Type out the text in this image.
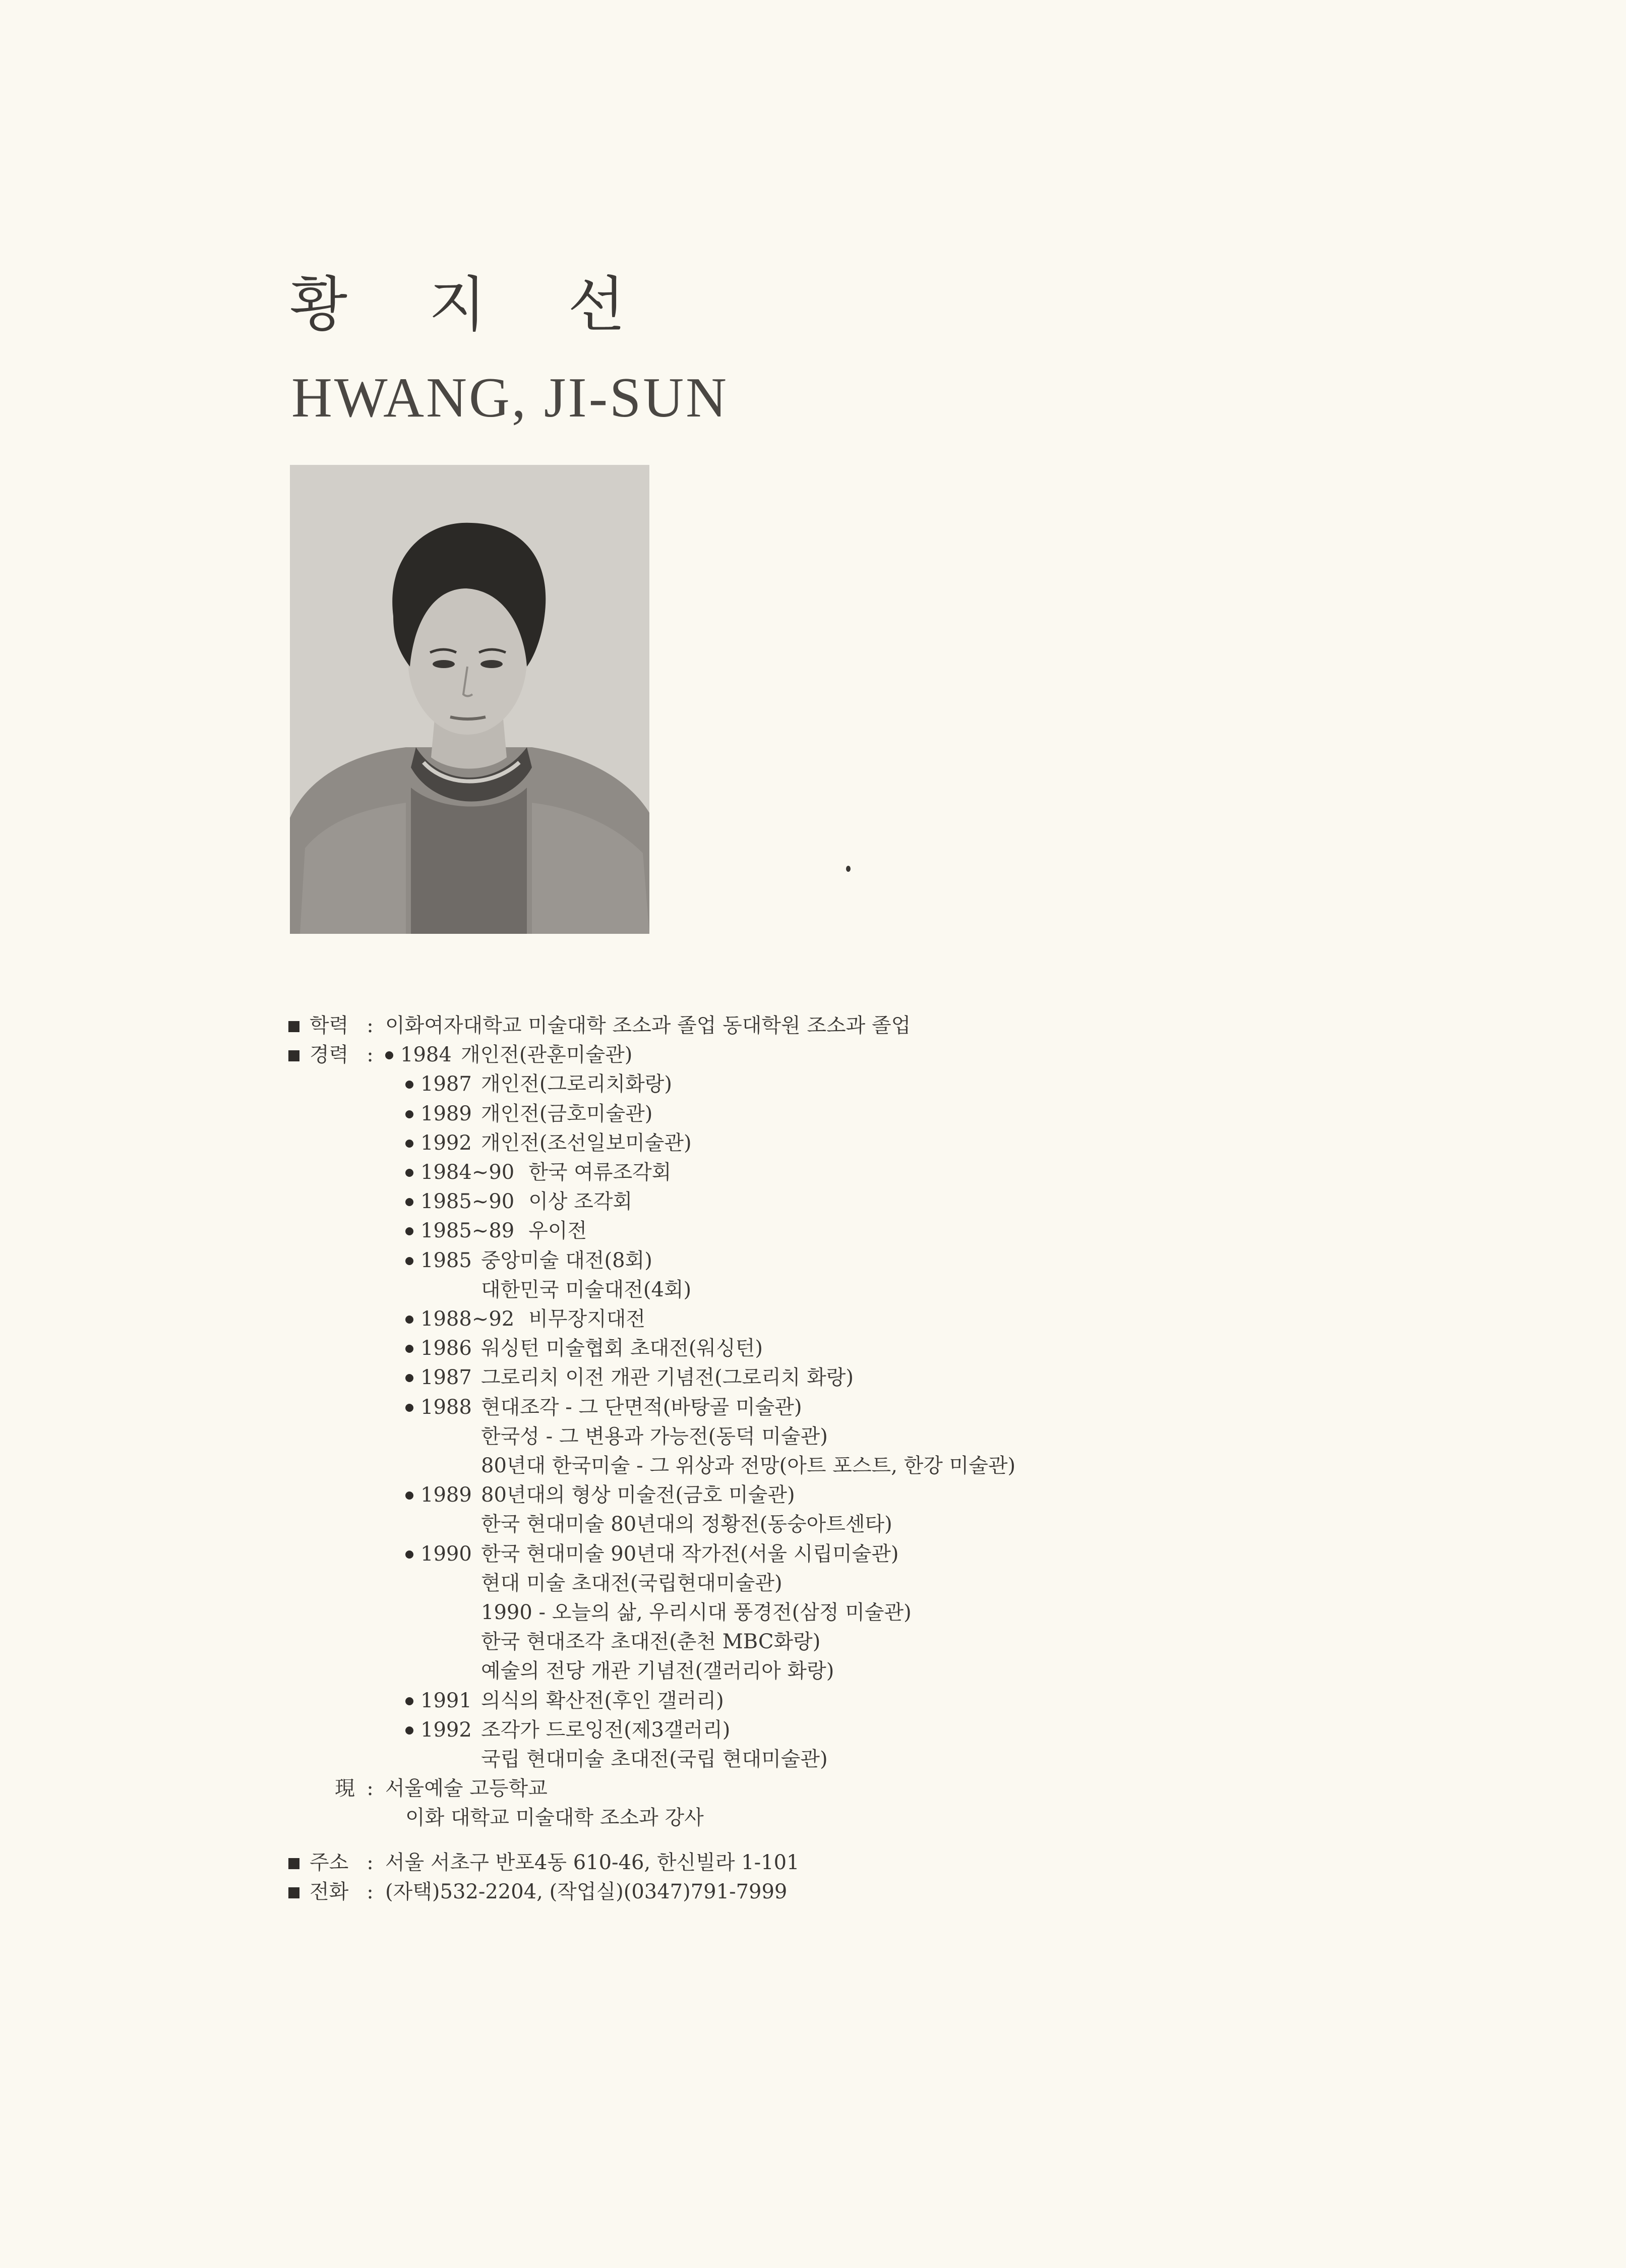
황 지 선
HWANG, JI-SUN
학력 : 이화여자대학교 미술대학 조소과 졸업 동대학원 조소과 졸업
경력 :	1984 개인전(관훈미술관)
1987 개인전(그로리치화랑)
1989 개인전(금호미술관)
1992 개인전(조선일보미술관)
1984~90 한국 여류조각회
1985~90 이상 조각회
1985~89 우이전
1985 중앙미술 대전(8회)
대한민국 미술대전(4회)
1988~92 비무장지대전
1986 워싱턴 미술협회 초대전(워싱턴)
1987 그로리치 이전 개관 기념전(그로리치 화랑)
1988 현대조각 - 그 단면적(바탕골 미술관)
한국성 - 그 변용과 가능전(동덕 미술관)
80년대 한국미술 - 그 위상과 전망(아트 포스트, 한강 미술관)
1989 80년대의 형상 미술전(금호 미술관)
한국 현대미술 80년대의 정황전(동숭아트센타)
1990 한국 현대미술 90년대 작가전(서울 시립미술관)
현대 미술 초대전(국립현대미술관)
1990 - 오늘의 삶, 우리시대 풍경전(삼정 미술관)
한국 현대조각 초대전(춘천 MBC화랑)
예술의 전당 개관 기념전(갤러리아 화랑)
1991 의식의 확산전(후인 갤러리)
1992 조각가 드로잉전(제3갤러리)
국립 현대미술 초대전(국립 현대미술관)
現 : 서울예술 고등학교
이화 대학교 미술대학 조소과 강사
주소 : 서울 서초구 반포4동 610-46, 한신빌라 1-101
전화 : (자택)532-2204, (작업실)(0347)791-7999
